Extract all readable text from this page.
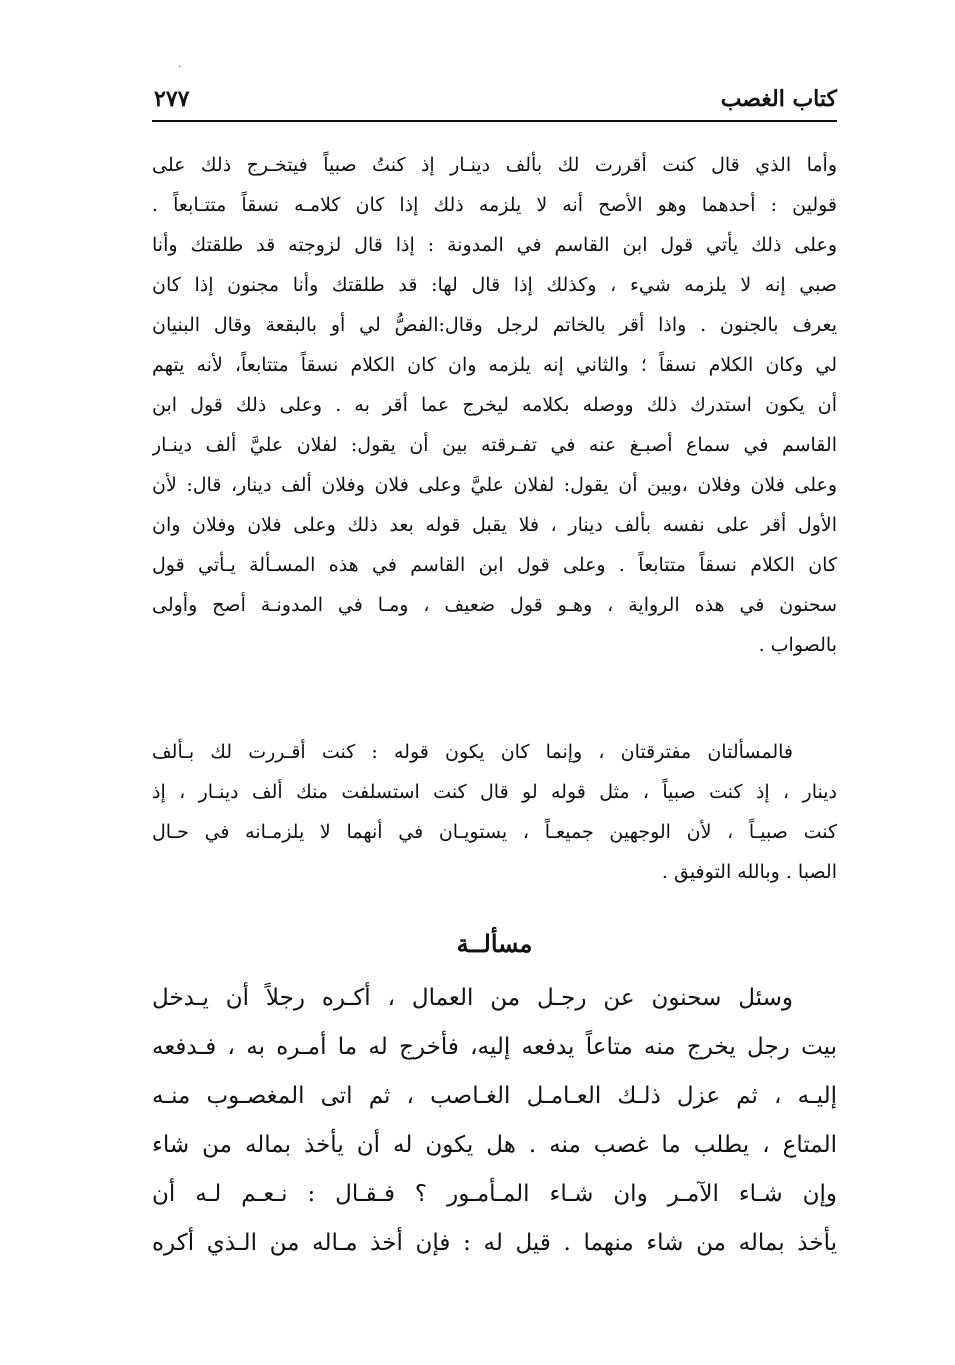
·
كتاب الغصب
٢٧٧
وأما الذي قال كنت أقررت لك بألف دينـار إذ كنتُ صبياً فيتخـرج ذلك على
قولين : أحدهما وهو الأصح أنه لا يلزمه ذلك إذا كان كلامـه نسقاً متتـابعاً .
وعلى ذلك يأتي قول ابن القاسم في المدونة : إذا قال لزوجته قد طلقتك وأنا
صبي إنه لا يلزمه شيء ، وكذلك إذا قال لها: قد طلقتك وأنا مجنون إذا كان
يعرف بالجنون . واذا أقر بالخاتم لرجل وقال:الفصُّ لي أو بالبقعة وقال البنيان
لي وكان الكلام نسقاً ؛ والثاني إنه يلزمه وان كان الكلام نسقاً متتابعاً، لأنه يتهم
أن يكون استدرك ذلك ووصله بكلامه ليخرج عما أقر به . وعلى ذلك قول ابن
القاسم في سماع أصبـغ عنه في تفـرقته بين أن يقول: لفلان عليَّ ألف دينـار
وعلى فلان وفلان ،وبين أن يقول: لفلان عليَّ وعلى فلان وفلان ألف دينار، قال: لأن
الأول أقر على نفسه بألف دينار ، فلا يقبل قوله بعد ذلك وعلى فلان وفلان وان
كان الكلام نسقاً متتابعاً . وعلى قول ابن القاسم في هذه المسـألة يـأتي قول
سحنون في هذه الرواية ، وهـو قول ضعيف ، ومـا في المدونـة أصح وأولى
بالصواب .
فالمسألتان مفترقتان ، وإنما كان يكون قوله : كنت أقـررت لك بـألف
دينار ، إذ كنت صبياً ، مثل قوله لو قال كنت استسلفت منك ألف دينـار ، إذ
كنت صبيـاً ، لأن الوجهين جميعـاً ، يستويـان في أنهما لا يلزمـانه في حـال
الصبا . وبالله التوفيق .
مسألــة
وسئل سحنون عن رجـل من العمال ، أكـره رجلاً أن يـدخل
بيت رجل يخرج منه متاعاً يدفعه إليه، فأخرج له ما أمـره به ، فـدفعه
إليـه ، ثم عزل ذلـك العـامـل الغـاصب ، ثم اتى المغصـوب منـه
المتاع ، يطلب ما غصب منه . هل يكون له أن يأخذ بماله من شاء
وإن شـاء الآمـر وان شـاء المـأمـور ؟ فـقـال : نـعـم لـه أن
يأخذ بماله من شاء منهما . قيل له : فإن أخذ مـاله من الـذي أكره
